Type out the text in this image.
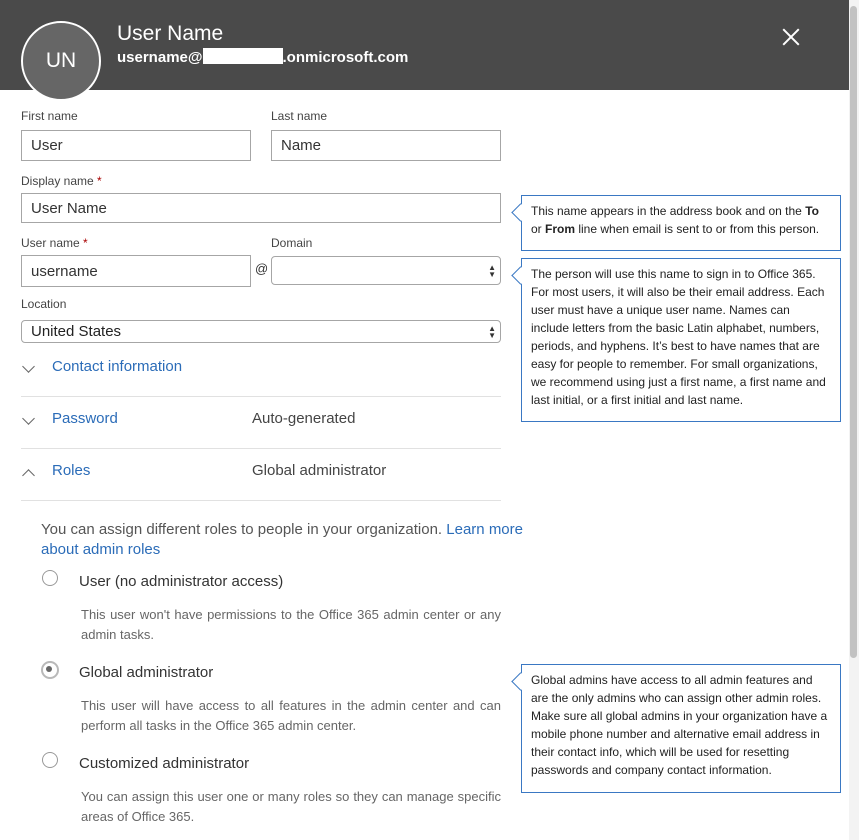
UN
User Name
username@	.onmicrosoft.com
First name
User
Last name
Name
Display name *
User Name
User name *
username	@
Domain
▲
▼
Location
United States	▲
▼
Contact information
Password	Auto-generated
Roles	Global administrator
You can assign different roles to people in your organization. Learn more about admin roles
User (no administrator access)
This user won't have permissions to the Office 365 admin center or any admin tasks.
Global administrator
This user will have access to all features in the admin center and can perform all tasks in the Office 365 admin center.
Customized administrator
You can assign this user one or many roles so they can manage specific areas of Office 365.
This name appears in the address book and on the To or From line when email is sent to or from this person.
The person will use this name to sign in to Office 365. For most users, it will also be their email address. Each user must have a unique user name. Names can include letters from the basic Latin alphabet, numbers, periods, and hyphens. It’s best to have names that are easy for people to remember. For small organizations, we recommend using just a first name, a first name and last initial, or a first initial and last name.
Global admins have access to all admin features and are the only admins who can assign other admin roles. Make sure all global admins in your organization have a mobile phone number and alternative email address in their contact info, which will be used for resetting passwords and company contact information.
